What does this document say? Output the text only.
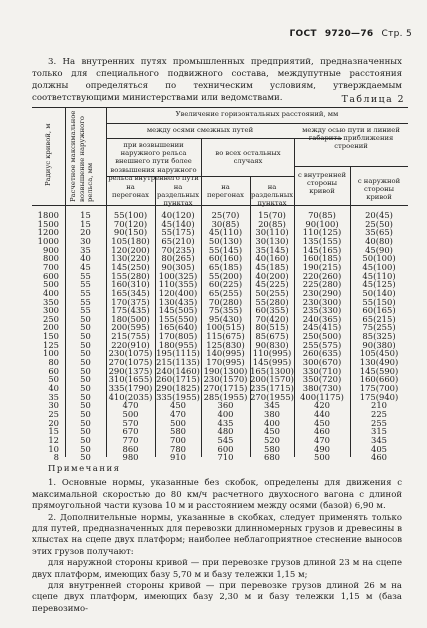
ГОСТ 9720—76 Стр. 5

3. На внутренних путях промышленных предприятий, предназначенных только для специального подвижного состава, междупутные расстояния должны определяться по техническим условиям, утверждаемым соответствующими министерствами или ведомствами.	Таблица 2
Радиус кривой, м	Расчетное максимальное возвышение наружного рельса, мм
Увеличение горизонтальных расстояний, мм
между осями смежных путей	между осью пути и линией габарита приближения строений
при возвышении наружного рельса внешнего пути более возвышения наружного рельса внутреннего пути
во всех остальных случаях
с внутренней стороны кривой
с наружной стороны кривой
на перегонах
на раздельных пунктах
на перегонах
на раздельных пунктах
1800	15	55(100)	40(120)	25(70)	15(70)	70(85)	20(45)
1500	15	70(120)	45(140)	30(85)	20(85)	90(100)	25(50)
1200	20	90(150)	55(175)	45(110)	30(110)	110(125)	35(65)
1000	30	105(180)	65(210)	50(130)	30(130)	135(155)	40(80)
900	35	120(200)	70(235)	55(145)	35(145)	145(165)	45(90)
800	40	130(220)	80(265)	60(160)	40(160)	160(185)	50(100)
700	45	145(250)	90(305)	65(185)	45(185)	190(215)	45(100)
600	55	155(280)	100(325)	55(200)	40(200)	220(260)	45(110)
500	55	160(310)	110(355)	60(225)	45(225)	225(280)	45(125)
400	55	165(345)	120(400)	65(255)	50(255)	230(290)	50(140)
350	55	170(375)	130(435)	70(280)	55(280)	230(300)	55(150)
300	55	175(435)	145(505)	75(355)	60(355)	235(330)	60(165)
250	50	180(500)	155(550)	95(430)	70(420)	240(365)	65(215)
200	50	200(595)	165(640)	100(515)	80(515)	245(415)	75(255)
150	50	215(755)	170(805)	115(675)	85(675)	250(500)	85(325)
125	50	220(910)	180(955)	125(830)	90(830)	255(575)	90(380)
100	50	230(1075) 195(1115) 140(995) 110(995)	260(635)	105(450)
80	50	270(1075) 215(1135) 170(995) 145(995)	300(670)	130(490)
60	50	290(1375) 240(1460) 190(1300) 165(1300)	330(710)	145(590)
50	50	310(1655) 260(1715) 230(1570) 200(1570)	350(720)	160(660)
40	50	335(1790) 290(1825) 270(1715) 235(1715)	380(730)	175(700)
35	50	410(2035) 335(1955) 285(1955) 270(1955) 400(1175)	175(940)
30	50	470	450	360	345	420	210
25	50	500	470	400	380	440	225
20	50	570	500	435	400	450	255
15	50	670	580	480	450	460	315
12	50	770	700	545	520	470	345
10	50	860	780	600	580	490	405
8	50	980	910	710	680	500	460

Примечания

1. Основные нормы, указанные без скобок, определены для движения с максимальной скоростью до 80 км/ч расчетного двухосного вагона с длиной прямоугольной части кузова 10 м и расстоянием между осями (базой) 6,90 м.

2. Дополнительные нормы, указанные в скобках, следует применять только для путей, предназначенных для перевозки длинномерных грузов и древесины в хлыстах на сцепе двух платформ; наиболее неблагоприятное стеснение выносов этих грузов получают:

для наружной стороны кривой — при перевозке грузов длиной 23 м на сцепе двух платформ, имеющих базу 5,70 м и базу тележки 1,15 м;

для внутренней стороны кривой — при перевозке грузов длиной 26 м на сцепе двух платформ, имеющих базу 2,30 м и базу тележки 1,15 м (база перевозимо-
